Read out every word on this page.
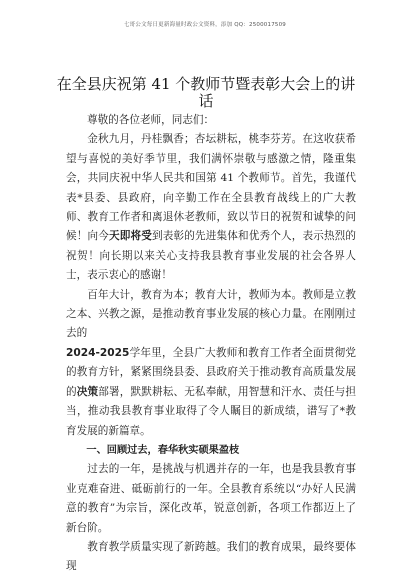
七哥公文每日更新海量时政公文资料，添加 QQ：2500017509
在全县庆祝第 41 个教师节暨表彰大会上的讲话

尊敬的各位老师，同志们：

金秋九月，丹桂飘香；杏坛耕耘，桃李芬芳。在这收获希望与喜悦的美好季节里，我们满怀崇敬与感激之情，隆重集会，共同庆祝中华人民共和国第 41 个教师节。首先，我谨代表*县委、县政府，向辛勤工作在全县教育战线上的广大教师、教育工作者和离退休老教师，致以节日的祝贺和诚挚的问候！向今天即将受到表彰的先进集体和优秀个人，表示热烈的祝贺！向长期以来关心支持我县教育事业发展的社会各界人士，表示衷心的感谢！

百年大计，教育为本；教育大计，教师为本。教师是立教之本、兴教之源，是推动教育事业发展的核心力量。在刚刚过去的
2024-2025学年里，全县广大教师和教育工作者全面贯彻党的教育方针，紧紧围绕县委、县政府关于推动教育高质量发展的决策部署，默默耕耘、无私奉献，用智慧和汗水、责任与担当，推动我县教育事业取得了令人瞩目的新成绩，谱写了*教育发展的新篇章。

一、回顾过去，春华秋实硕果盈枝

过去的一年，是挑战与机遇并存的一年，也是我县教育事业克难奋进、砥砺前行的一年。全县教育系统以“办好人民满意的教育”为宗旨，深化改革，锐意创新，各项工作都迈上了新台阶。

教育教学质量实现了新跨越。我们的教育成果，最终要体现
